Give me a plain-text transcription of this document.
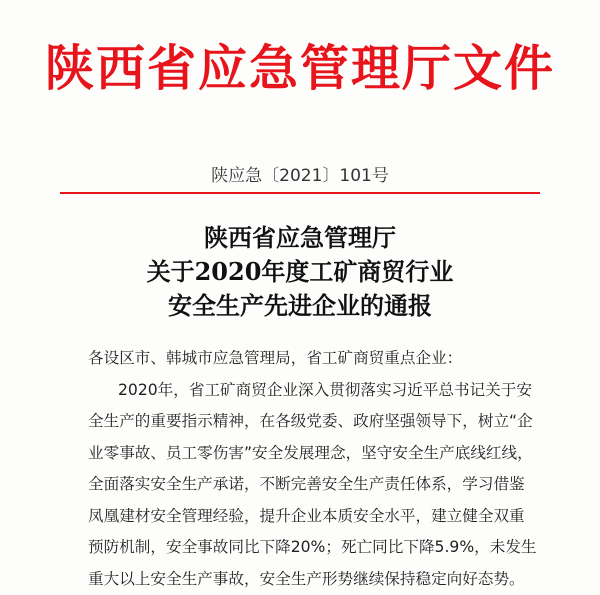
陕西省应急管理厅文件
陕应急〔2021〕101号
陕西省应急管理厅
关于2020年度工矿商贸行业
安全生产先进企业的通报
各设区市、韩城市应急管理局，省工矿商贸重点企业：
2020年，省工矿商贸企业深入贯彻落实习近平总书记关于安
全生产的重要指示精神，在各级党委、政府坚强领导下，树立“企
业零事故、员工零伤害”安全发展理念，坚守安全生产底线红线，
全面落实安全生产承诺，不断完善安全生产责任体系，学习借鉴
凤凰建材安全管理经验，提升企业本质安全水平，建立健全双重
预防机制，安全事故同比下降20%；死亡同比下降5.9%，未发生
重大以上安全生产事故，安全生产形势继续保持稳定向好态势。
